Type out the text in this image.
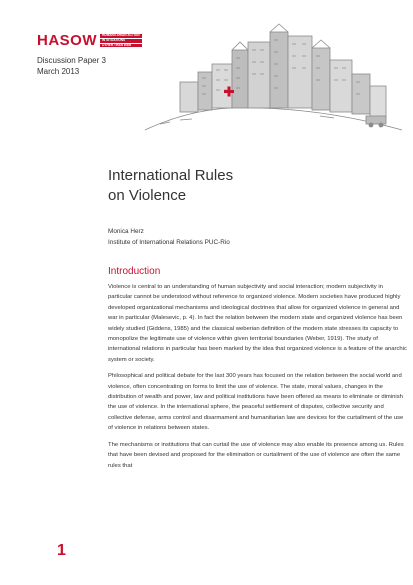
HASOW	HUMANITARIAN ACTION
IN SITUATIONS
OTHER THAN WAR
Discussion Paper 3
March 2013
International Rules
on Violence
Monica Herz
Institute of International Relations PUC-Rio
Introduction

Violence is central to an understanding of human subjectivity and social interaction; modern subjectivity in particular cannot be understood without reference to organized violence. Modern societies have produced highly developed organizational mechanisms and ideological doctrines that allow for organized violence in general and war in particular (Malesevic, p. 4). In fact the relation between the modern state and organized violence has been widely studied (Giddens, 1985) and the classical weberian definition of the modern state stresses its capacity to monopolize the legitimate use of violence within given territorial boundaries (Weber, 1919). The study of international relations in particular has been marked by the idea that organized violence is a feature of the anarchic system or society.

Philosophical and political debate for the last 300 years has focused on the relation between the social world and violence, often concentrating on forms to limit the use of violence. The state, moral values, changes in the distribution of wealth and power, law and political institutions have been offered as means to eliminate or diminish the use of violence. In the international sphere, the peaceful settlement of disputes, collective security and collective defense, arms control and disarmament and humanitarian law are devices for the curtailment of the use of violence in relations between states.

The mechanisms or institutions that can curtail the use of violence may also enable its presence among us. Rules that have been devised and proposed for the elimination or curtailment of the use of violence are often the same rules that

1
